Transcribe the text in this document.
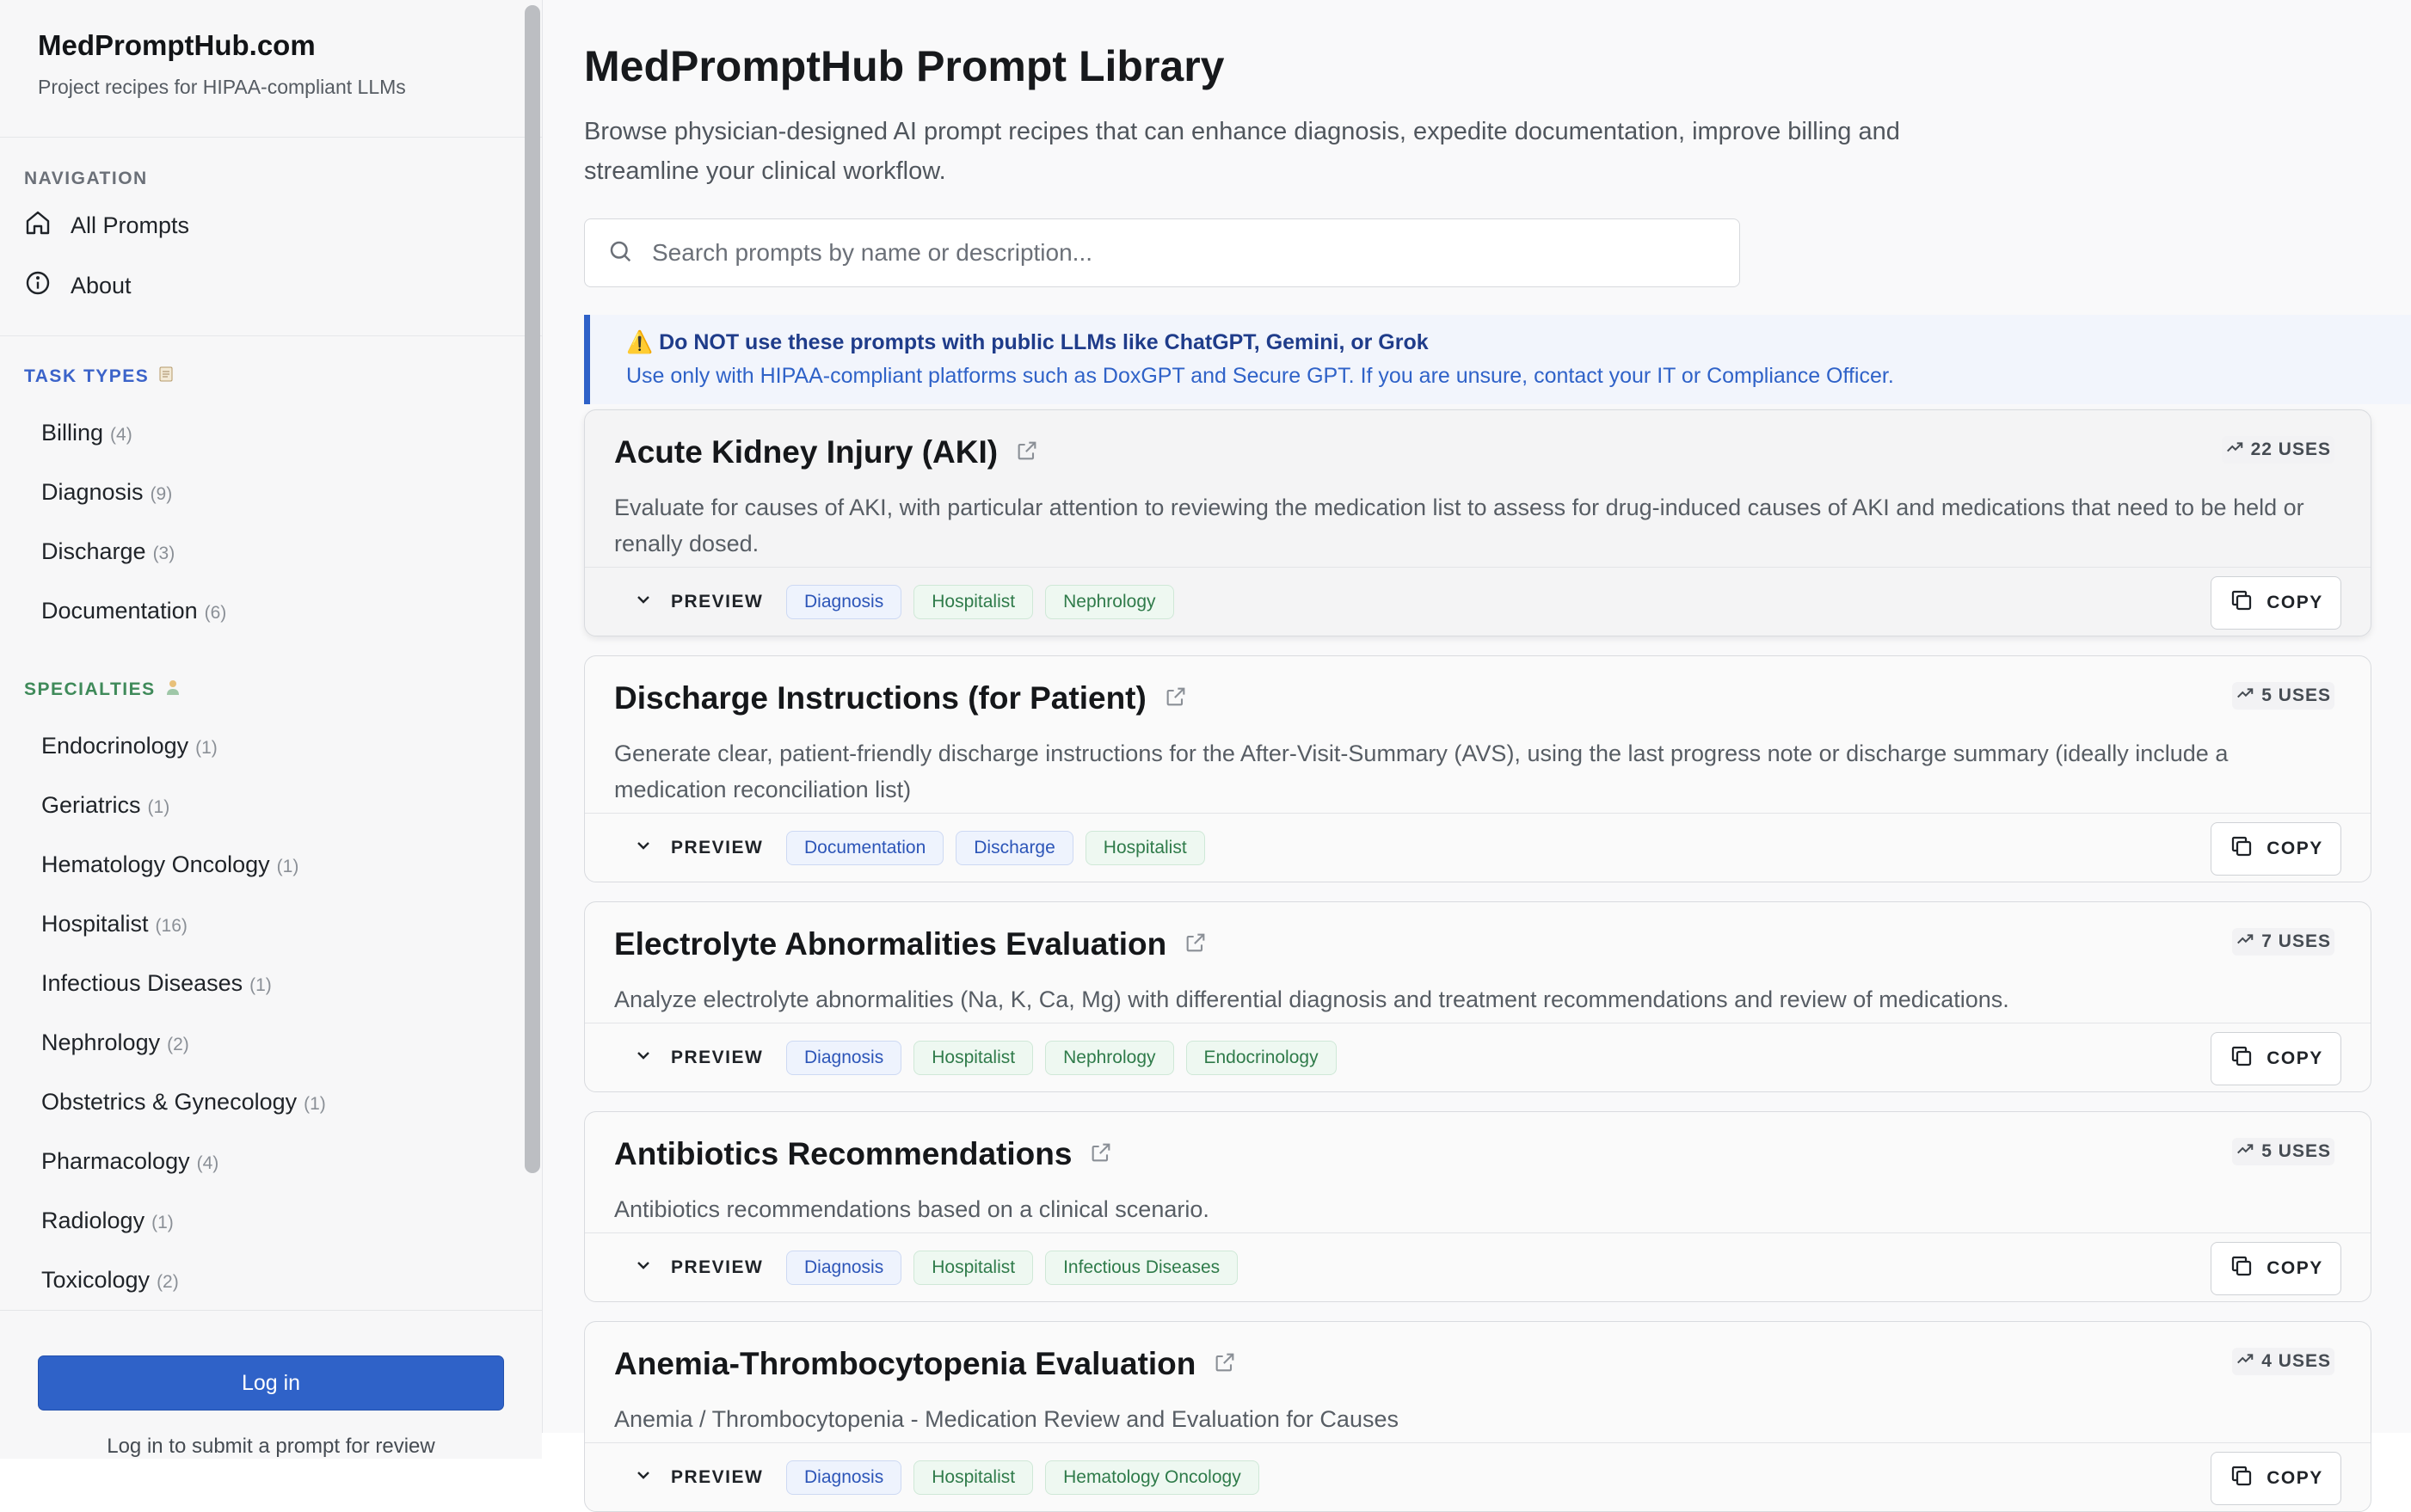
MedPromptHub.com
Project recipes for HIPAA-compliant LLMs
NAVIGATION
All Prompts
About
TASK TYPES
Billing (4)
Diagnosis (9)
Discharge (3)
Documentation (6)
SPECIALTIES
Endocrinology (1)
Geriatrics (1)
Hematology Oncology (1)
Hospitalist (16)
Infectious Diseases (1)
Nephrology (2)
Obstetrics & Gynecology (1)
Pharmacology (4)
Radiology (1)
Toxicology (2)
Log in
Log in to submit a prompt for review
MedPromptHub Prompt Library

Browse physician-designed AI prompt recipes that can enhance diagnosis, expedite documentation, improve billing and streamline your clinical workflow.

Search prompts by name or description...
⚠️ Do NOT use these prompts with public LLMs like ChatGPT, Gemini, or Grok
Use only with HIPAA-compliant platforms such as DoxGPT and Secure GPT. If you are unsure, contact your IT or Compliance Officer.
Acute Kidney Injury (AKI)	22 USES
Evaluate for causes of AKI, with particular attention to reviewing the medication list to assess for drug-induced causes of AKI and medications that need to be held or renally dosed.
PREVIEW	Diagnosis	Hospitalist	Nephrology	COPY
Discharge Instructions (for Patient)	5 USES
Generate clear, patient-friendly discharge instructions for the After-Visit-Summary (AVS), using the last progress note or discharge summary (ideally include a medication reconciliation list)
PREVIEW	Documentation	Discharge	Hospitalist	COPY
Electrolyte Abnormalities Evaluation	7 USES
Analyze electrolyte abnormalities (Na, K, Ca, Mg) with differential diagnosis and treatment recommendations and review of medications.
PREVIEW	Diagnosis	Hospitalist	Nephrology	Endocrinology	COPY
Antibiotics Recommendations	5 USES
Antibiotics recommendations based on a clinical scenario.
PREVIEW	Diagnosis	Hospitalist	Infectious Diseases	COPY
Anemia-Thrombocytopenia Evaluation	4 USES
Anemia / Thrombocytopenia - Medication Review and Evaluation for Causes
PREVIEW	Diagnosis	Hospitalist	Hematology Oncology	COPY
